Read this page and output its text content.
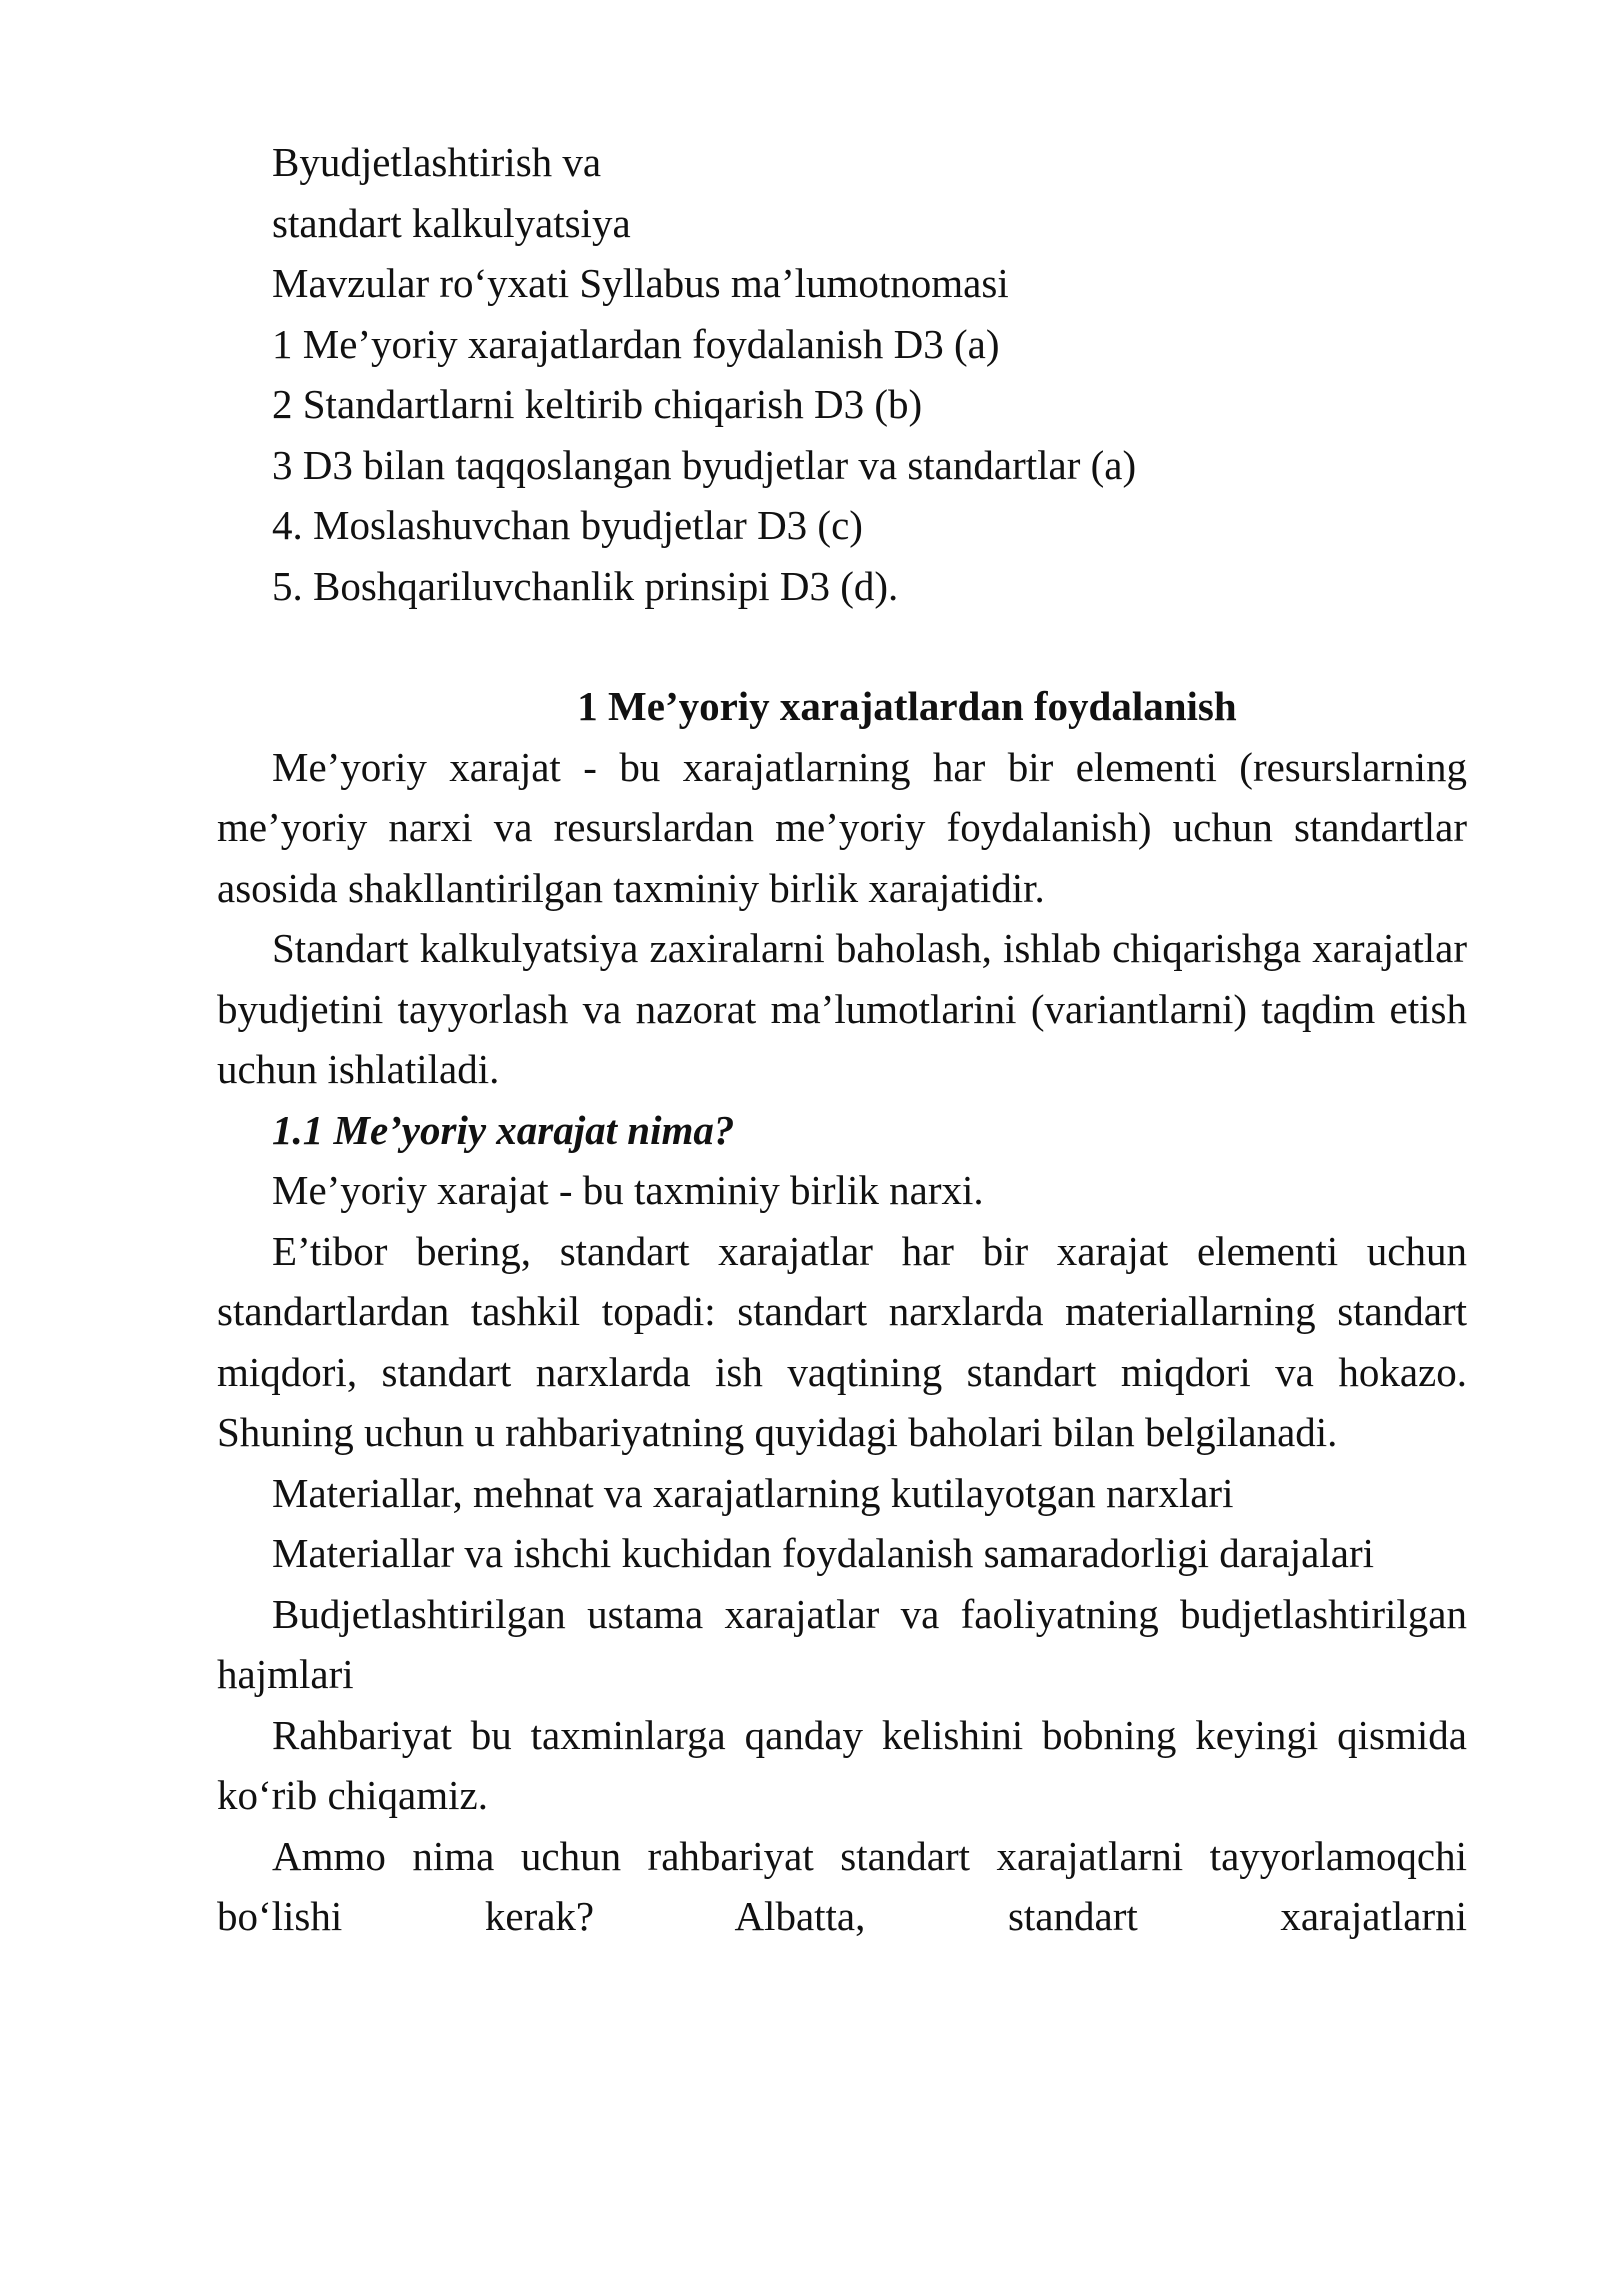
Byudjetlashtirish va
standart kalkulyatsiya
Mavzular ro‘yxati Syllabus ma’lumotnomasi
1 Me’yoriy xarajatlardan foydalanish D3 (a)
2 Standartlarni keltirib chiqarish D3 (b)
3 D3 bilan taqqoslangan byudjetlar va standartlar (a)
4. Moslashuvchan byudjetlar D3 (c)
5. Boshqariluvchanlik prinsipi D3 (d).

1 Me’yoriy xarajatlardan foydalanish

Me’yoriy xarajat - bu xarajatlarning har bir elementi (resurslarning me’yoriy narxi va resurslardan me’yoriy foydalanish) uchun standartlar asosida shakllantirilgan taxminiy birlik xarajatidir.

Standart kalkulyatsiya zaxiralarni baholash, ishlab chiqarishga xarajatlar byudjetini tayyorlash va nazorat ma’lumotlarini (variantlarni) taqdim etish uchun ishlatiladi.

1.1 Me’yoriy xarajat nima?

Me’yoriy xarajat - bu taxminiy birlik narxi.

E’tibor bering, standart xarajatlar har bir xarajat elementi uchun standartlardan tashkil topadi: standart narxlarda materiallarning standart miqdori, standart narxlarda ish vaqtining standart miqdori va hokazo. Shuning uchun u rahbariyatning quyidagi baholari bilan belgilanadi.

Materiallar, mehnat va xarajatlarning kutilayotgan narxlari

Materiallar va ishchi kuchidan foydalanish samaradorligi darajalari

Budjetlashtirilgan ustama xarajatlar va faoliyatning budjetlashtirilgan hajmlari

Rahbariyat bu taxminlarga qanday kelishini bobning keyingi qismida ko‘rib chiqamiz.

Ammo nima uchun rahbariyat standart xarajatlarni tayyorlamoqchi bo‘lishi kerak? Albatta, standart xarajatlarni
